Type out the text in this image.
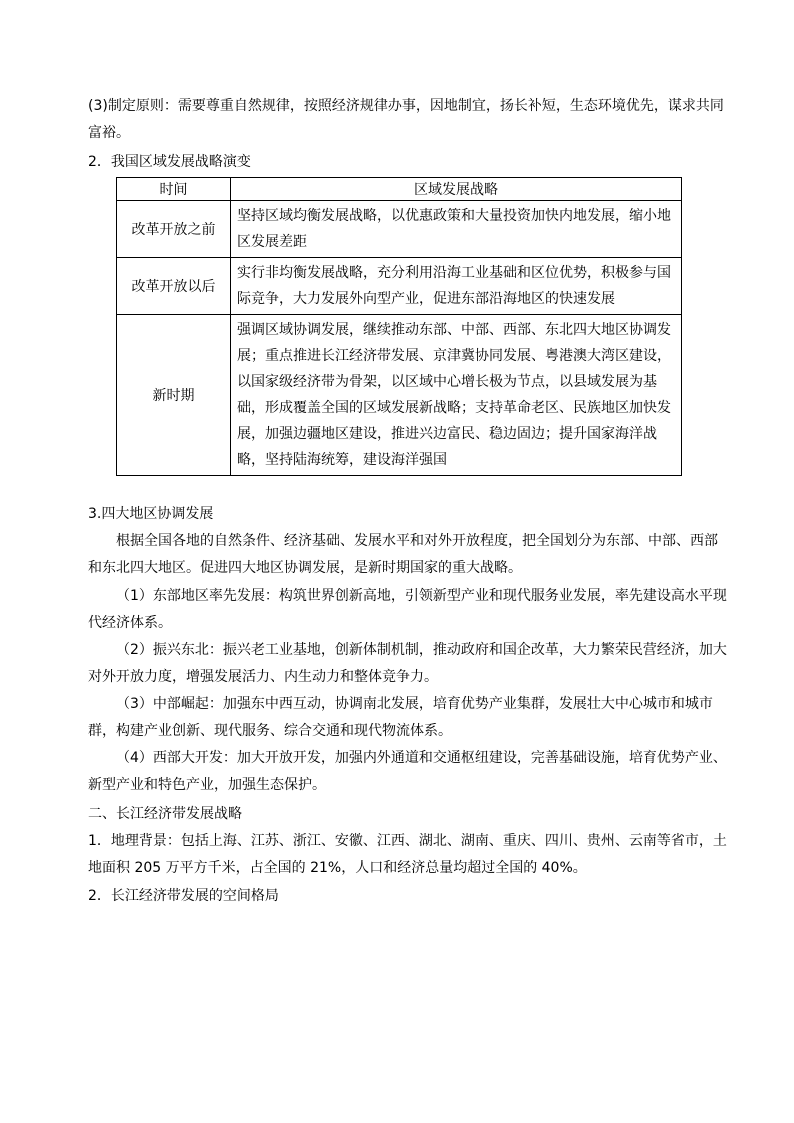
(3)制定原则：需要尊重自然规律，按照经济规律办事，因地制宜，扬长补短，生态环境优先，谋求共同富裕。

2．我国区域发展战略演变

时间	区域发展战略
改革开放之前	坚持区域均衡发展战略，以优惠政策和大量投资加快内地发展，缩小地区发展差距
改革开放以后	实行非均衡发展战略，充分利用沿海工业基础和区位优势，积极参与国际竞争，大力发展外向型产业，促进东部沿海地区的快速发展
新时期	强调区域协调发展，继续推动东部、中部、西部、东北四大地区协调发展；重点推进长江经济带发展、京津冀协同发展、粤港澳大湾区建设，以国家级经济带为骨架，以区域中心增长极为节点，以县域发展为基础，形成覆盖全国的区域发展新战略；支持革命老区、民族地区加快发展，加强边疆地区建设，推进兴边富民、稳边固边；提升国家海洋战略，坚持陆海统筹，建设海洋强国

3.四大地区协调发展

根据全国各地的自然条件、经济基础、发展水平和对外开放程度，把全国划分为东部、中部、西部和东北四大地区。促进四大地区协调发展，是新时期国家的重大战略。

（1）东部地区率先发展：构筑世界创新高地，引领新型产业和现代服务业发展，率先建设高水平现代经济体系。

（2）振兴东北：振兴老工业基地，创新体制机制，推动政府和国企改革，大力繁荣民营经济，加大对外开放力度，增强发展活力、内生动力和整体竞争力。

（3）中部崛起：加强东中西互动，协调南北发展，培育优势产业集群，发展壮大中心城市和城市群，构建产业创新、现代服务、综合交通和现代物流体系。

（4）西部大开发：加大开放开发，加强内外通道和交通枢纽建设，完善基础设施，培育优势产业、新型产业和特色产业，加强生态保护。

二、长江经济带发展战略

1．地理背景：包括上海、江苏、浙江、安徽、江西、湖北、湖南、重庆、四川、贵州、云南等省市，土地面积 205 万平方千米，占全国的 21%，人口和经济总量均超过全国的 40%。

2．长江经济带发展的空间格局
